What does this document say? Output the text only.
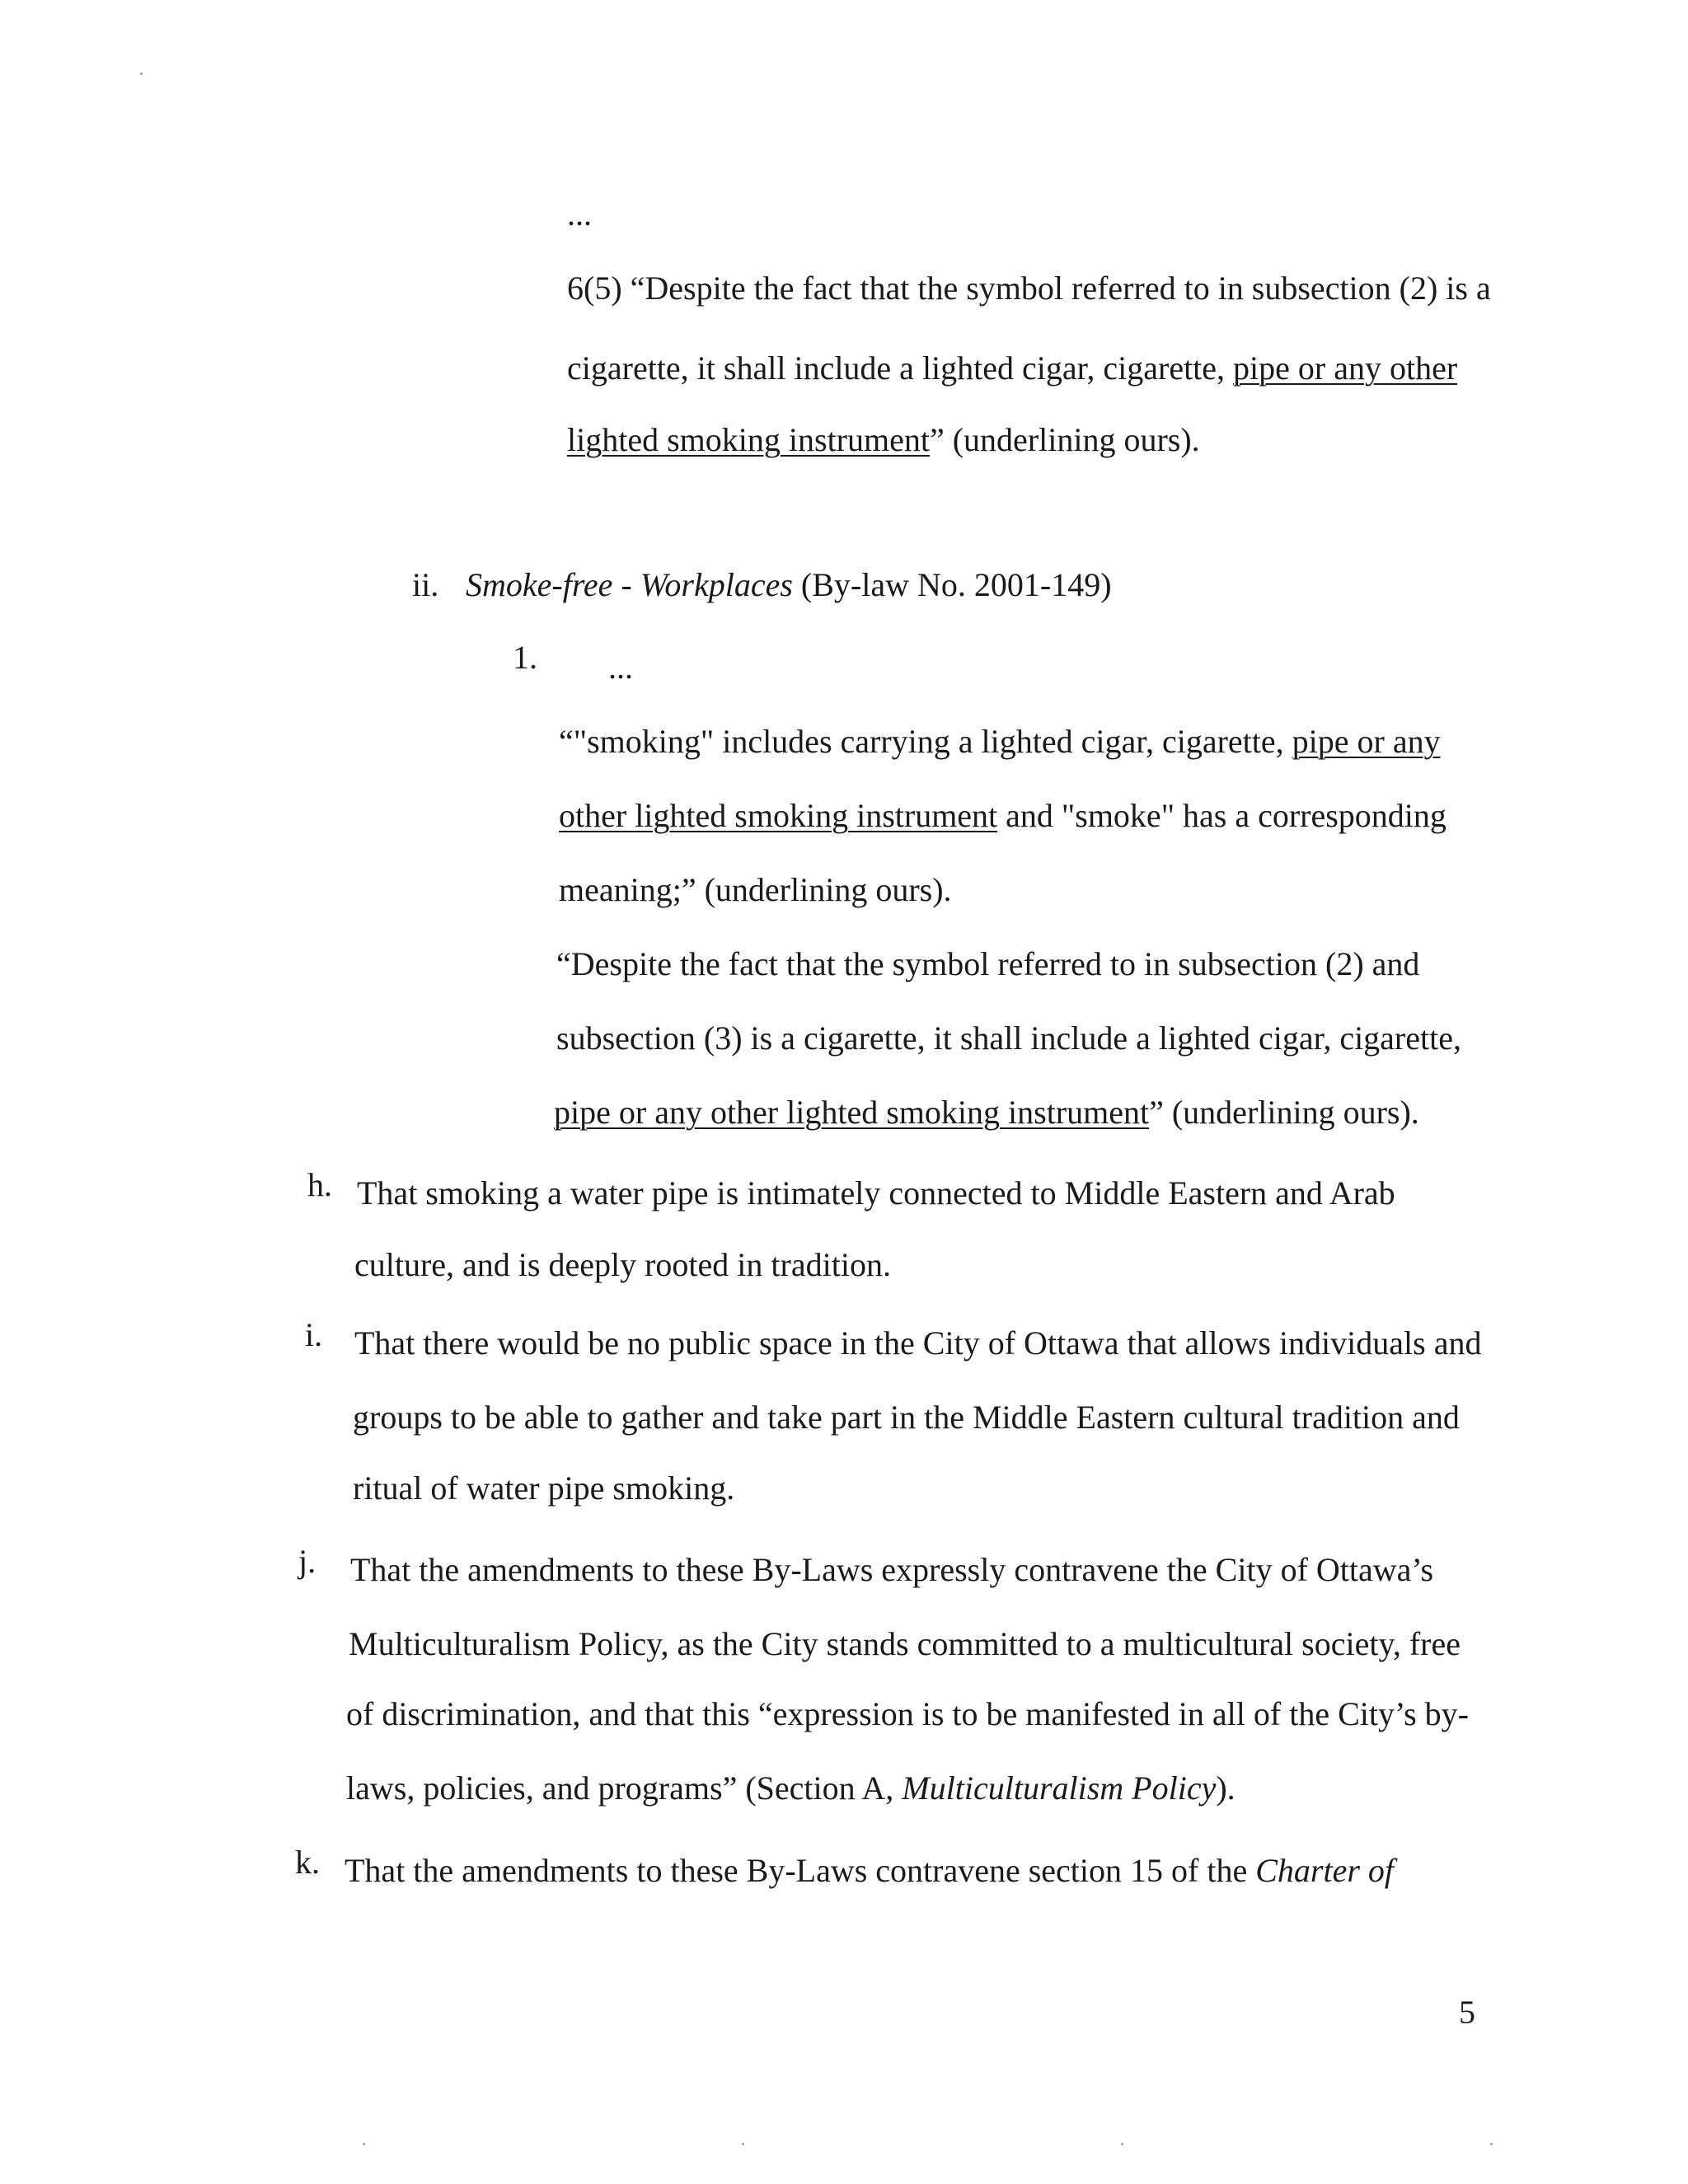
...
6(5) “Despite the fact that the symbol referred to in subsection (2) is a
cigarette, it shall include a lighted cigar, cigarette, pipe or any other
lighted smoking instrument” (underlining ours).
ii. Smoke-free - Workplaces (By-law No. 2001-149)
1. ...
“"smoking" includes carrying a lighted cigar, cigarette, pipe or any
other lighted smoking instrument and "smoke" has a corresponding
meaning;” (underlining ours).
“Despite the fact that the symbol referred to in subsection (2) and
subsection (3) is a cigarette, it shall include a lighted cigar, cigarette,
pipe or any other lighted smoking instrument” (underlining ours).
h. That smoking a water pipe is intimately connected to Middle Eastern and Arab
culture, and is deeply rooted in tradition.
i. That there would be no public space in the City of Ottawa that allows individuals and
groups to be able to gather and take part in the Middle Eastern cultural tradition and
ritual of water pipe smoking.
j. That the amendments to these By-Laws expressly contravene the City of Ottawa’s
Multiculturalism Policy, as the City stands committed to a multicultural society, free
of discrimination, and that this “expression is to be manifested in all of the City’s by-
laws, policies, and programs” (Section A, Multiculturalism Policy).
k. That the amendments to these By-Laws contravene section 15 of the Charter of
5
